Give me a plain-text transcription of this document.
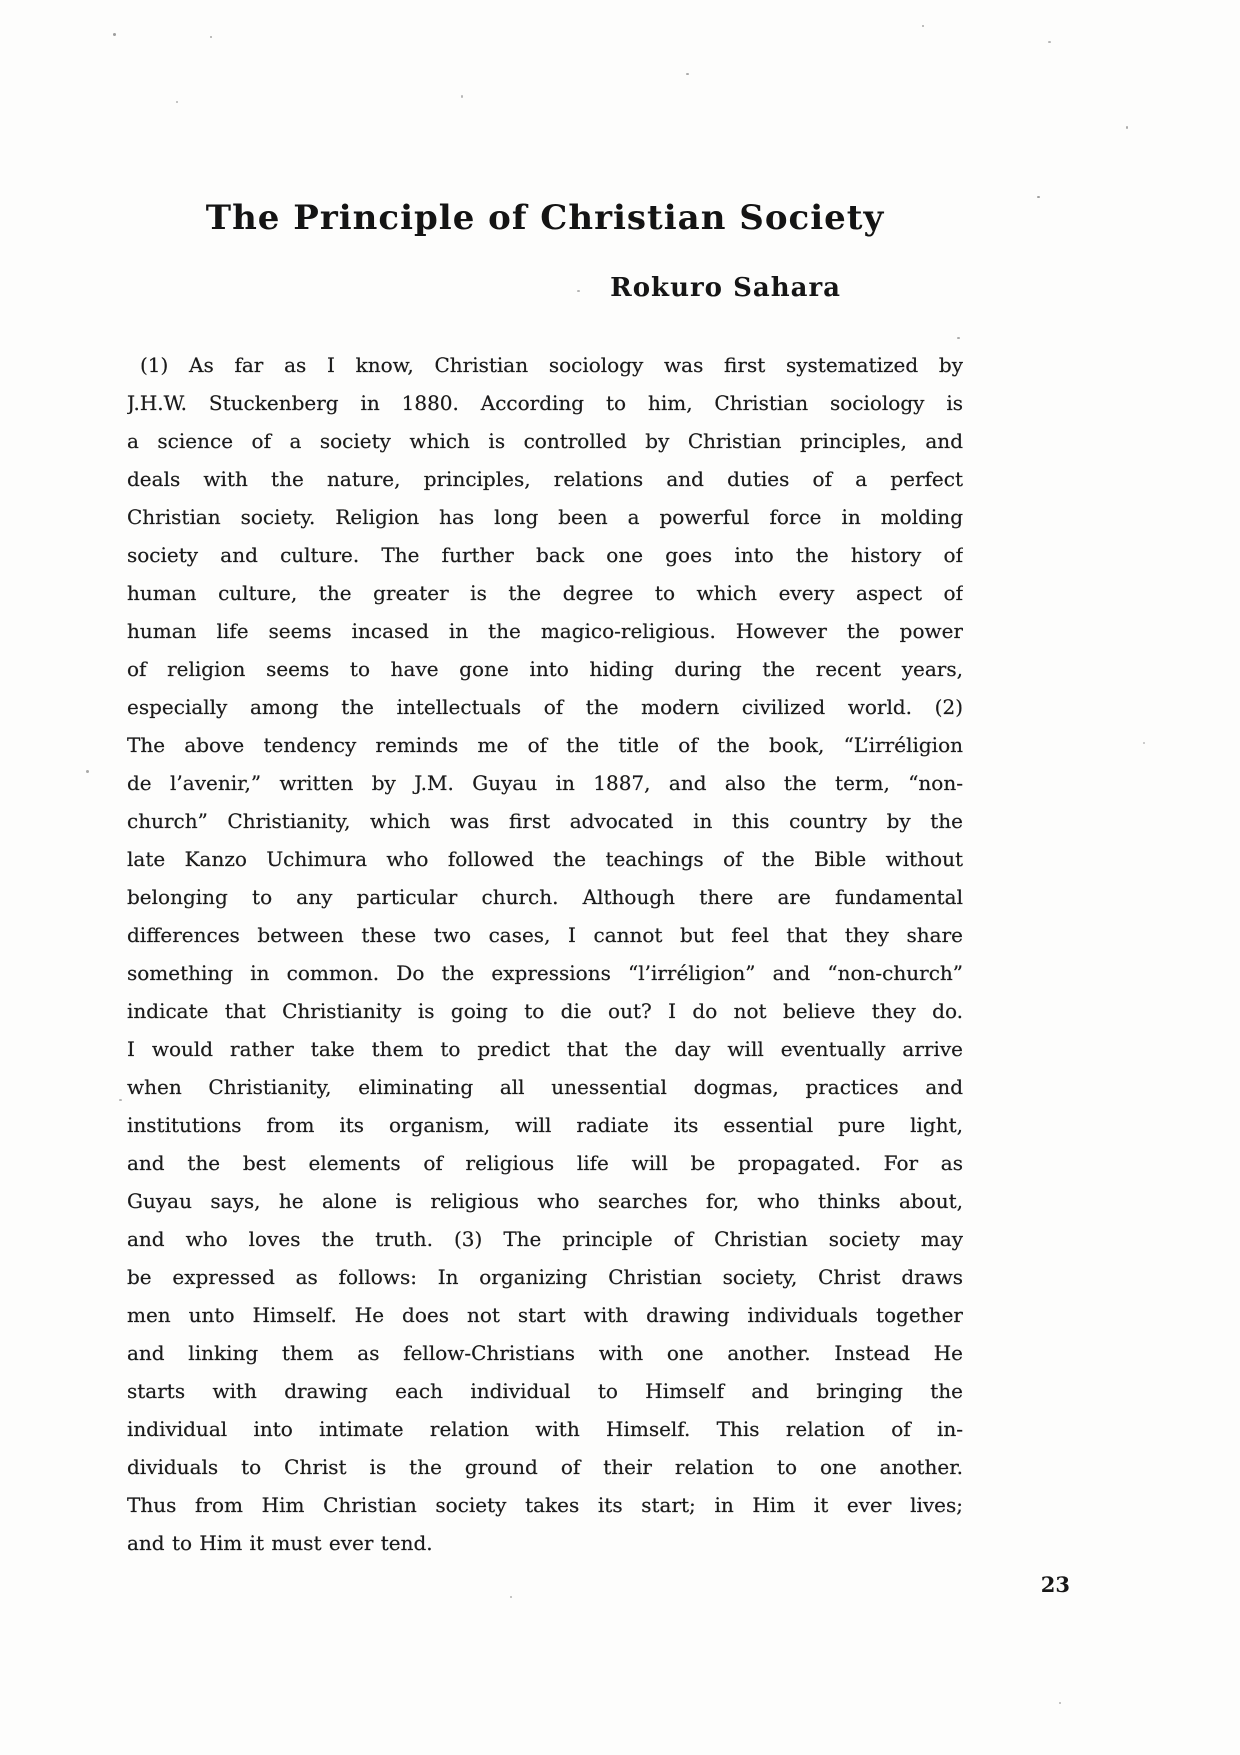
The Principle of Christian Society
Rokuro Sahara
(1) As far as I know, Christian sociology was first systematized by
J.H.W. Stuckenberg in 1880. According to him, Christian sociology is
a science of a society which is controlled by Christian principles, and
deals with the nature, principles, relations and duties of a perfect
Christian society. Religion has long been a powerful force in molding
society and culture. The further back one goes into the history of
human culture, the greater is the degree to which every aspect of
human life seems incased in the magico-religious. However the power
of religion seems to have gone into hiding during the recent years,
especially among the intellectuals of the modern civilized world. (2)
The above tendency reminds me of the title of the book, “L’irréligion
de l’avenir,” written by J.M. Guyau in 1887, and also the term, “non-
church” Christianity, which was first advocated in this country by the
late Kanzo Uchimura who followed the teachings of the Bible without
belonging to any particular church. Although there are fundamental
differences between these two cases, I cannot but feel that they share
something in common. Do the expressions “l’irréligion” and “non-church”
indicate that Christianity is going to die out? I do not believe they do.
I would rather take them to predict that the day will eventually arrive
when Christianity, eliminating all unessential dogmas, practices and
institutions from its organism, will radiate its essential pure light,
and the best elements of religious life will be propagated. For as
Guyau says, he alone is religious who searches for, who thinks about,
and who loves the truth. (3) The principle of Christian society may
be expressed as follows: In organizing Christian society, Christ draws
men unto Himself. He does not start with drawing individuals together
and linking them as fellow-Christians with one another. Instead He
starts with drawing each individual to Himself and bringing the
individual into intimate relation with Himself. This relation of in-
dividuals to Christ is the ground of their relation to one another.
Thus from Him Christian society takes its start; in Him it ever lives;
and to Him it must ever tend.
23
